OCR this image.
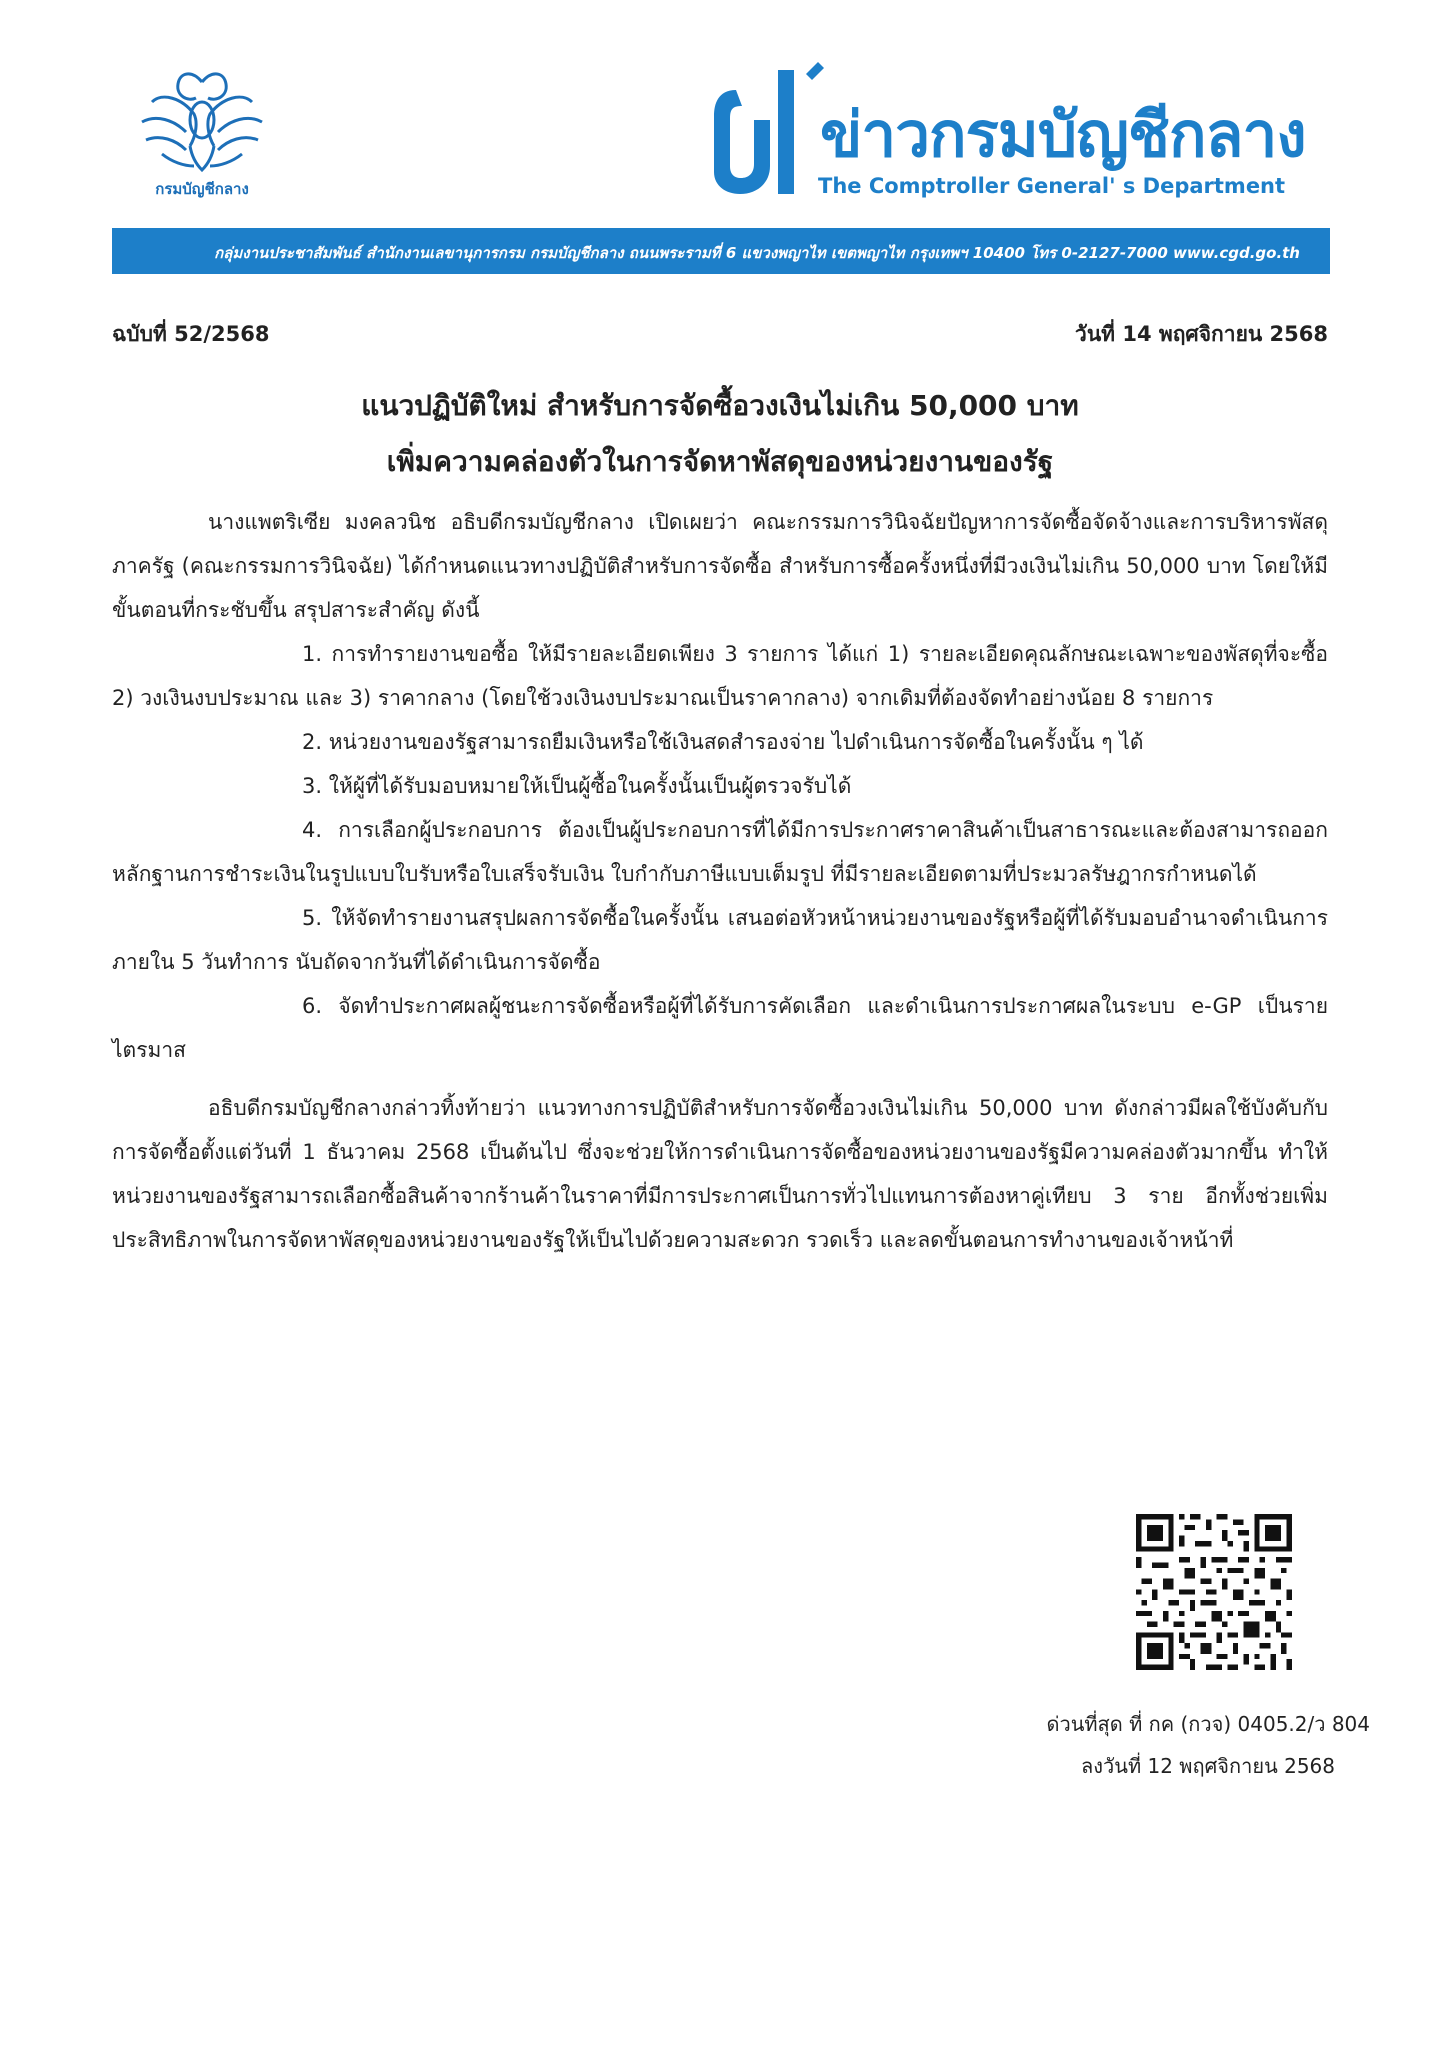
กรมบัญชีกลาง
ข่าวกรมบัญชีกลาง
The Comptroller General' s Department
กลุ่มงานประชาสัมพันธ์ สำนักงานเลขานุการกรม กรมบัญชีกลาง ถนนพระรามที่ 6 แขวงพญาไท เขตพญาไท กรุงเทพฯ 10400 โทร 0-2127-7000 www.cgd.go.th
ฉบับที่ 52/2568	วันที่ 14 พฤศจิกายน 2568
แนวปฏิบัติใหม่ สำหรับการจัดซื้อวงเงินไม่เกิน 50,000 บาท
เพิ่มความคล่องตัวในการจัดหาพัสดุของหน่วยงานของรัฐ

นางแพตริเซีย มงคลวนิช อธิบดีกรมบัญชีกลาง เปิดเผยว่า คณะกรรมการวินิจฉัยปัญหาการจัดซื้อจัดจ้างและการบริหารพัสดุภาครัฐ (คณะกรรมการวินิจฉัย) ได้กำหนดแนวทางปฏิบัติสำหรับการจัดซื้อ สำหรับการซื้อครั้งหนึ่งที่มีวงเงินไม่เกิน 50,000 บาท โดยให้มีขั้นตอนที่กระชับขึ้น สรุปสาระสำคัญ ดังนี้

1. การทำรายงานขอซื้อ ให้มีรายละเอียดเพียง 3 รายการ ได้แก่ 1) รายละเอียดคุณลักษณะเฉพาะของพัสดุที่จะซื้อ 2) วงเงินงบประมาณ และ 3) ราคากลาง (โดยใช้วงเงินงบประมาณเป็นราคากลาง) จากเดิมที่ต้องจัดทำอย่างน้อย 8 รายการ

2. หน่วยงานของรัฐสามารถยืมเงินหรือใช้เงินสดสำรองจ่าย ไปดำเนินการจัดซื้อในครั้งนั้น ๆ ได้

3. ให้ผู้ที่ได้รับมอบหมายให้เป็นผู้ซื้อในครั้งนั้นเป็นผู้ตรวจรับได้

4. การเลือกผู้ประกอบการ ต้องเป็นผู้ประกอบการที่ได้มีการประกาศราคาสินค้าเป็นสาธารณะและต้องสามารถออกหลักฐานการชำระเงินในรูปแบบใบรับหรือใบเสร็จรับเงิน ใบกำกับภาษีแบบเต็มรูป ที่มีรายละเอียดตามที่ประมวลรัษฎากรกำหนดได้

5. ให้จัดทำรายงานสรุปผลการจัดซื้อในครั้งนั้น เสนอต่อหัวหน้าหน่วยงานของรัฐหรือผู้ที่ได้รับมอบอำนาจดำเนินการภายใน 5 วันทำการ นับถัดจากวันที่ได้ดำเนินการจัดซื้อ

6. จัดทำประกาศผลผู้ชนะการจัดซื้อหรือผู้ที่ได้รับการคัดเลือก และดำเนินการประกาศผลในระบบ e-GP เป็นรายไตรมาส

อธิบดีกรมบัญชีกลางกล่าวทิ้งท้ายว่า แนวทางการปฏิบัติสำหรับการจัดซื้อวงเงินไม่เกิน 50,000 บาท ดังกล่าวมีผลใช้บังคับกับการจัดซื้อตั้งแต่วันที่ 1 ธันวาคม 2568 เป็นต้นไป ซึ่งจะช่วยให้การดำเนินการจัดซื้อของหน่วยงานของรัฐมีความคล่องตัวมากขึ้น ทำให้หน่วยงานของรัฐสามารถเลือกซื้อสินค้าจากร้านค้าในราคาที่มีการประกาศเป็นการทั่วไปแทนการต้องหาคู่เทียบ 3 ราย อีกทั้งช่วยเพิ่มประสิทธิภาพในการจัดหาพัสดุของหน่วยงานของรัฐให้เป็นไปด้วยความสะดวก รวดเร็ว และลดขั้นตอนการทำงานของเจ้าหน้าที่

ด่วนที่สุด ที่ กค (กวจ) 0405.2/ว 804
ลงวันที่ 12 พฤศจิกายน 2568
